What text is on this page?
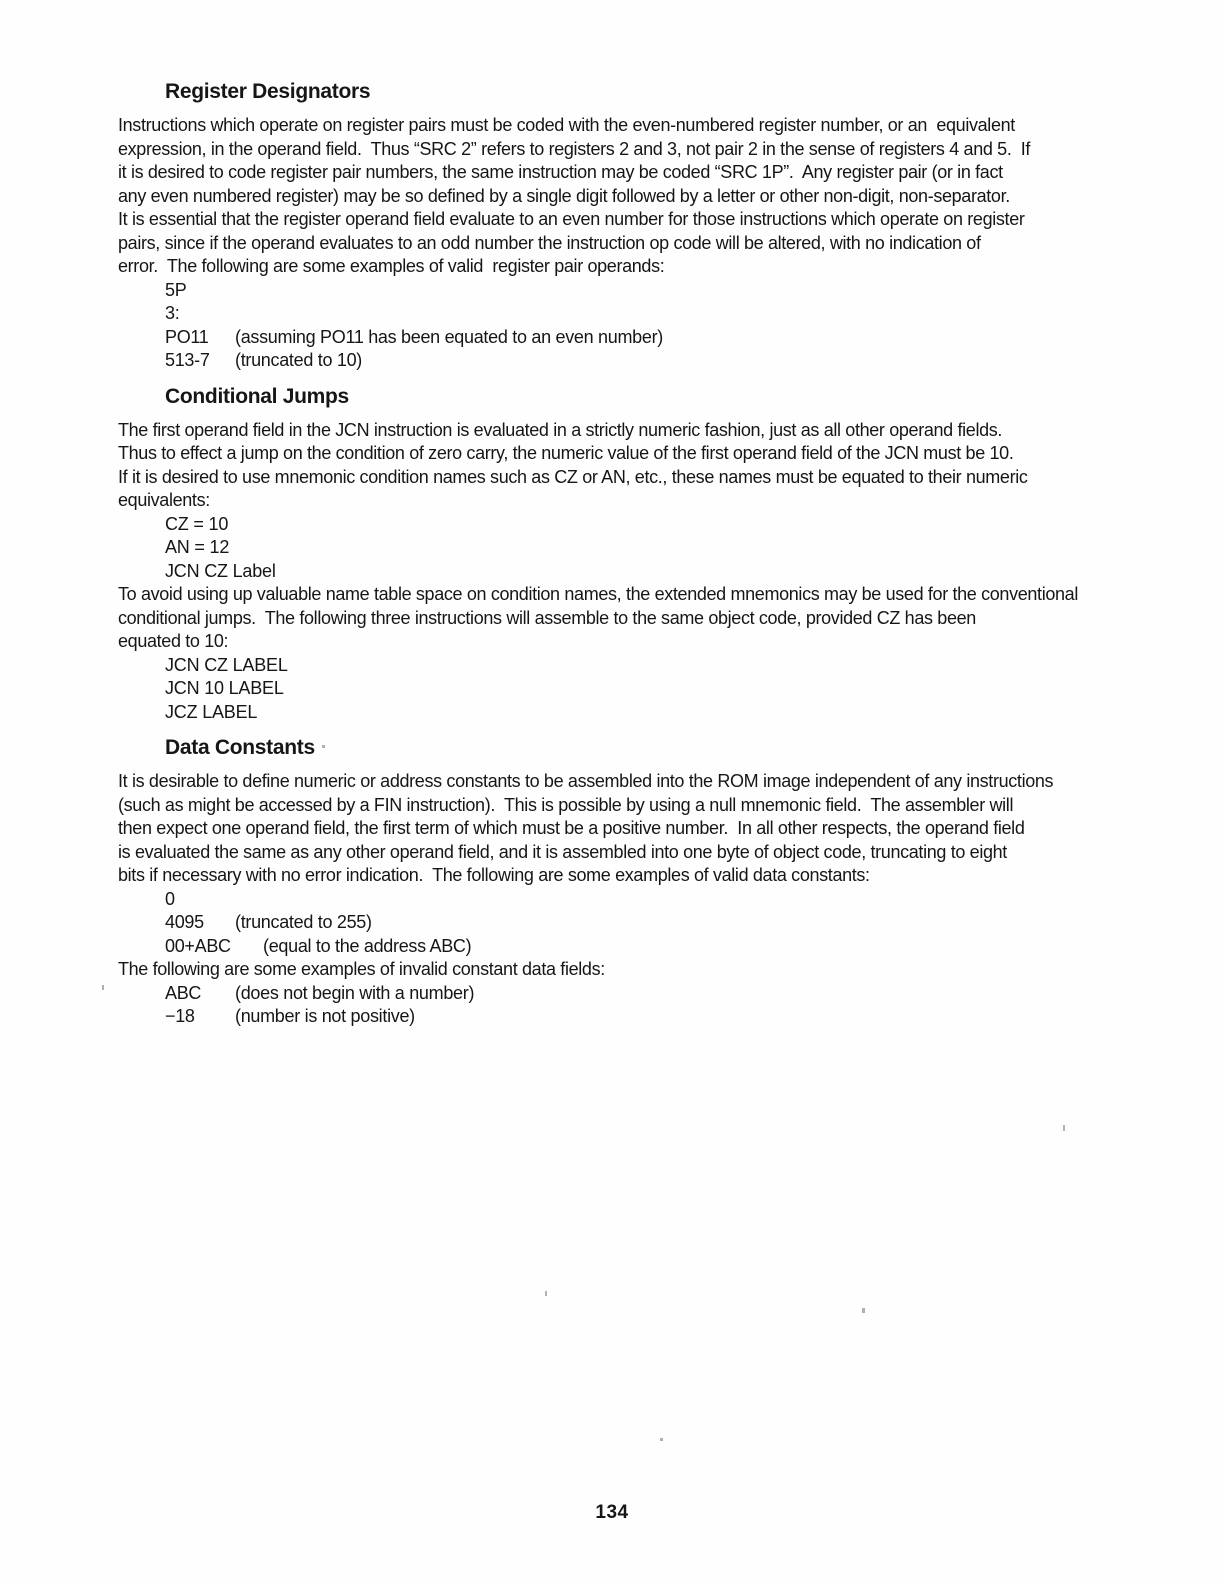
Register Designators
Instructions which operate on register pairs must be coded with the even-numbered register number, or an  equivalent
expression, in the operand field.  Thus “SRC 2” refers to registers 2 and 3, not pair 2 in the sense of registers 4 and 5.  If
it is desired to code register pair numbers, the same instruction may be coded “SRC 1P”.  Any register pair (or in fact
any even numbered register) may be so defined by a single digit followed by a letter or other non-digit, non-separator.
It is essential that the register operand field evaluate to an even number for those instructions which operate on register
pairs, since if the operand evaluates to an odd number the instruction op code will be altered, with no indication of
error.  The following are some examples of valid  register pair operands:
5P
3:
PO11	(assuming PO11 has been equated to an even number)
513-7	(truncated to 10)
Conditional Jumps
The first operand field in the JCN instruction is evaluated in a strictly numeric fashion, just as all other operand fields.
Thus to effect a jump on the condition of zero carry, the numeric value of the first operand field of the JCN must be 10.
If it is desired to use mnemonic condition names such as CZ or AN, etc., these names must be equated to their numeric
equivalents:
CZ = 10
AN = 12
JCN CZ Label
To avoid using up valuable name table space on condition names, the extended mnemonics may be used for the conventional
conditional jumps.  The following three instructions will assemble to the same object code, provided CZ has been
equated to 10:
JCN CZ LABEL
JCN 10 LABEL
JCZ LABEL
Data Constants
It is desirable to define numeric or address constants to be assembled into the ROM image independent of any instructions
(such as might be accessed by a FIN instruction).  This is possible by using a null mnemonic field.  The assembler will
then expect one operand field, the first term of which must be a positive number.  In all other respects, the operand field
is evaluated the same as any other operand field, and it is assembled into one byte of object code, truncating to eight
bits if necessary with no error indication.  The following are some examples of valid data constants:
0
4095	(truncated to 255)
00+ABC	(equal to the address ABC)
The following are some examples of invalid constant data fields:
ABC	(does not begin with a number)
−18	(number is not positive)
134
